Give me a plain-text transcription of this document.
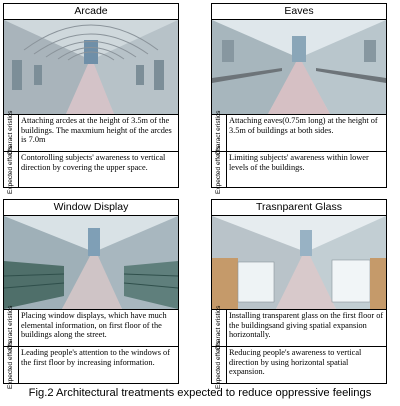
Arcade
Charact eristics Attaching arcdes at the height of 3.5m of the buildings. The maxmium height of the arcdes is 7.0m
Expected effects Contorolling subjects' awareness to vertical direction by covering the upper space.
Eaves
Charact eristics Attaching eaves(0.75m long) at the height of 3.5m of buildings at both sides.
Expected effects Limiting subjects' awareness within lower levels of the buildings.
Window Display
Charact eristics Placing window displays, which have much elemental information, on first floor of the buildings along the street.
Expected effects Leading people's attention to the windows of the first floor by increasing information.
Trasnparent Glass
Charact eristics Installing transparent glass on the first floor of the buildingsand giving spatial expansion horizontally.
Expected effects Reducing people's awareness to vertical direction by using horizontal spatial expansion.
Fig.2 Architectural treatments expected to reduce oppressive feelings
